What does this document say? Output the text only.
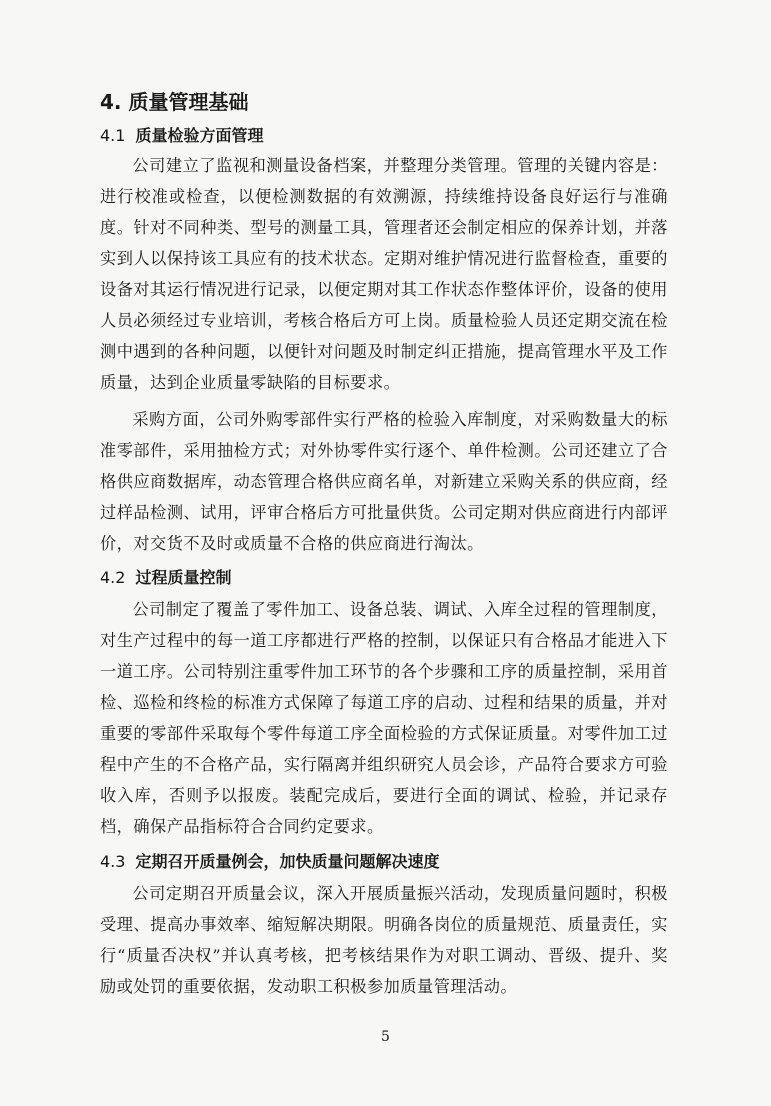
4. 质量管理基础
4.1 质量检验方面管理

公司建立了监视和测量设备档案，并整理分类管理。管理的关键内容是：进行校准或检查，以便检测数据的有效溯源，持续维持设备良好运行与准确度。针对不同种类、型号的测量工具，管理者还会制定相应的保养计划，并落实到人以保持该工具应有的技术状态。定期对维护情况进行监督检查，重要的设备对其运行情况进行记录，以便定期对其工作状态作整体评价，设备的使用人员必须经过专业培训，考核合格后方可上岗。质量检验人员还定期交流在检测中遇到的各种问题，以便针对问题及时制定纠正措施，提高管理水平及工作质量，达到企业质量零缺陷的目标要求。

采购方面，公司外购零部件实行严格的检验入库制度，对采购数量大的标准零部件，采用抽检方式；对外协零件实行逐个、单件检测。公司还建立了合格供应商数据库，动态管理合格供应商名单，对新建立采购关系的供应商，经过样品检测、试用，评审合格后方可批量供货。公司定期对供应商进行内部评价，对交货不及时或质量不合格的供应商进行淘汰。

4.2 过程质量控制

公司制定了覆盖了零件加工、设备总装、调试、入库全过程的管理制度，对生产过程中的每一道工序都进行严格的控制，以保证只有合格品才能进入下一道工序。公司特别注重零件加工环节的各个步骤和工序的质量控制，采用首检、巡检和终检的标准方式保障了每道工序的启动、过程和结果的质量，并对重要的零部件采取每个零件每道工序全面检验的方式保证质量。对零件加工过程中产生的不合格产品，实行隔离并组织研究人员会诊，产品符合要求方可验收入库，否则予以报废。装配完成后，要进行全面的调试、检验，并记录存档，确保产品指标符合合同约定要求。

4.3 定期召开质量例会，加快质量问题解决速度

公司定期召开质量会议，深入开展质量振兴活动，发现质量问题时，积极受理、提高办事效率、缩短解决期限。明确各岗位的质量规范、质量责任，实行“质量否决权”并认真考核，把考核结果作为对职工调动、晋级、提升、奖励或处罚的重要依据，发动职工积极参加质量管理活动。

5
